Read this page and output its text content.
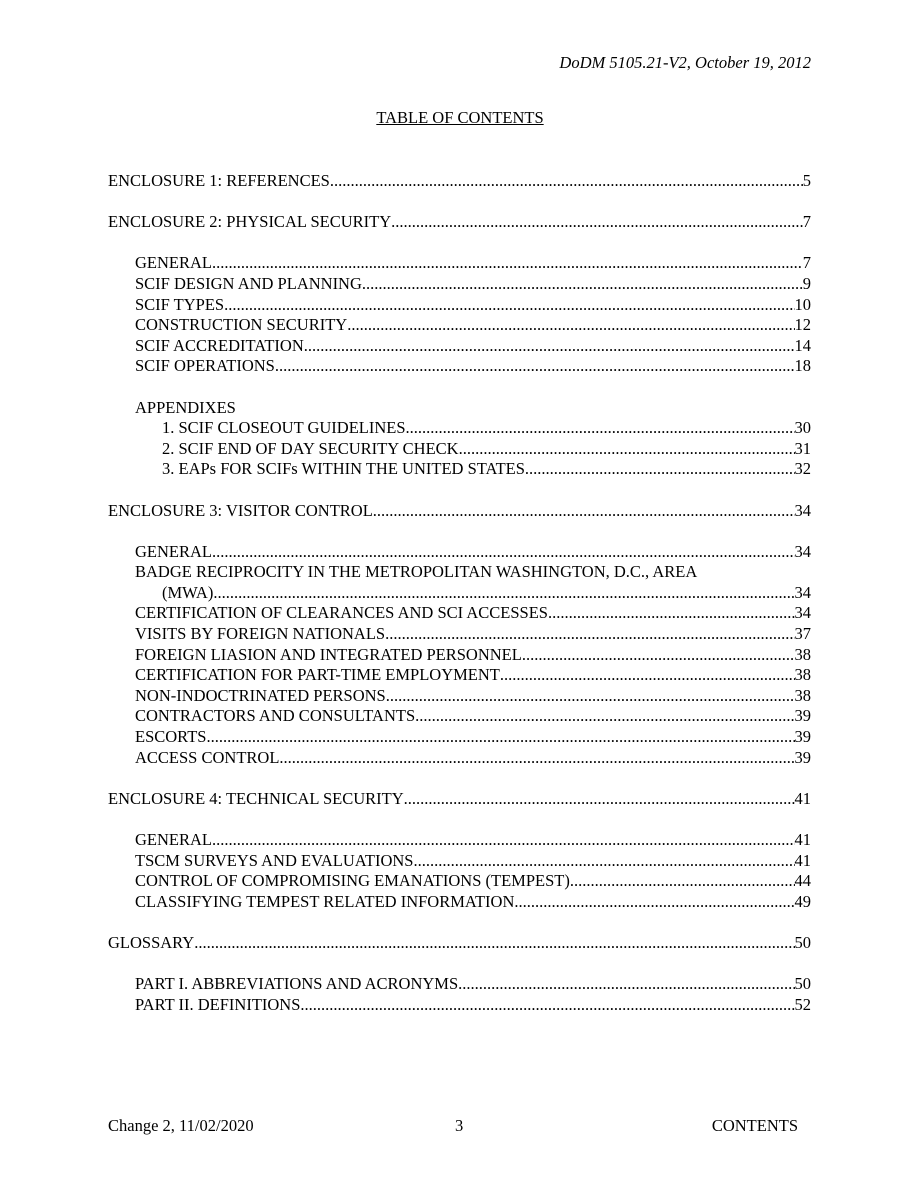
DoDM 5105.21-V2, October 19, 2012
TABLE OF CONTENTS
ENCLOSURE 1: REFERENCES .....	5
ENCLOSURE 2: PHYSICAL SECURITY .....	7
GENERAL .....	7
SCIF DESIGN AND PLANNING .....	9
SCIF TYPES .....	10
CONSTRUCTION SECURITY .....	12
SCIF ACCREDITATION .....	14
SCIF OPERATIONS .....	18
APPENDIXES
1. SCIF CLOSEOUT GUIDELINES .....	30
2. SCIF END OF DAY SECURITY CHECK .....	31
3. EAPs FOR SCIFs WITHIN THE UNITED STATES .....	32
ENCLOSURE 3: VISITOR CONTROL .....	34
GENERAL .....	34
BADGE RECIPROCITY IN THE METROPOLITAN WASHINGTON, D.C., AREA
(MWA) .....	34
CERTIFICATION OF CLEARANCES AND SCI ACCESSES .....	34
VISITS BY FOREIGN NATIONALS .....	37
FOREIGN LIASION AND INTEGRATED PERSONNEL .....	38
CERTIFICATION FOR PART-TIME EMPLOYMENT .....	38
NON-INDOCTRINATED PERSONS .....	38
CONTRACTORS AND CONSULTANTS .....	39
ESCORTS .....	39
ACCESS CONTROL .....	39
ENCLOSURE 4: TECHNICAL SECURITY .....	41
GENERAL .....	41
TSCM SURVEYS AND EVALUATIONS .....	41
CONTROL OF COMPROMISING EMANATIONS (TEMPEST) .....	44
CLASSIFYING TEMPEST RELATED INFORMATION .....	49
GLOSSARY .....	50
PART I. ABBREVIATIONS AND ACRONYMS .....	50
PART II. DEFINITIONS .....	52
Change 2, 11/02/2020	3	CONTENTS
